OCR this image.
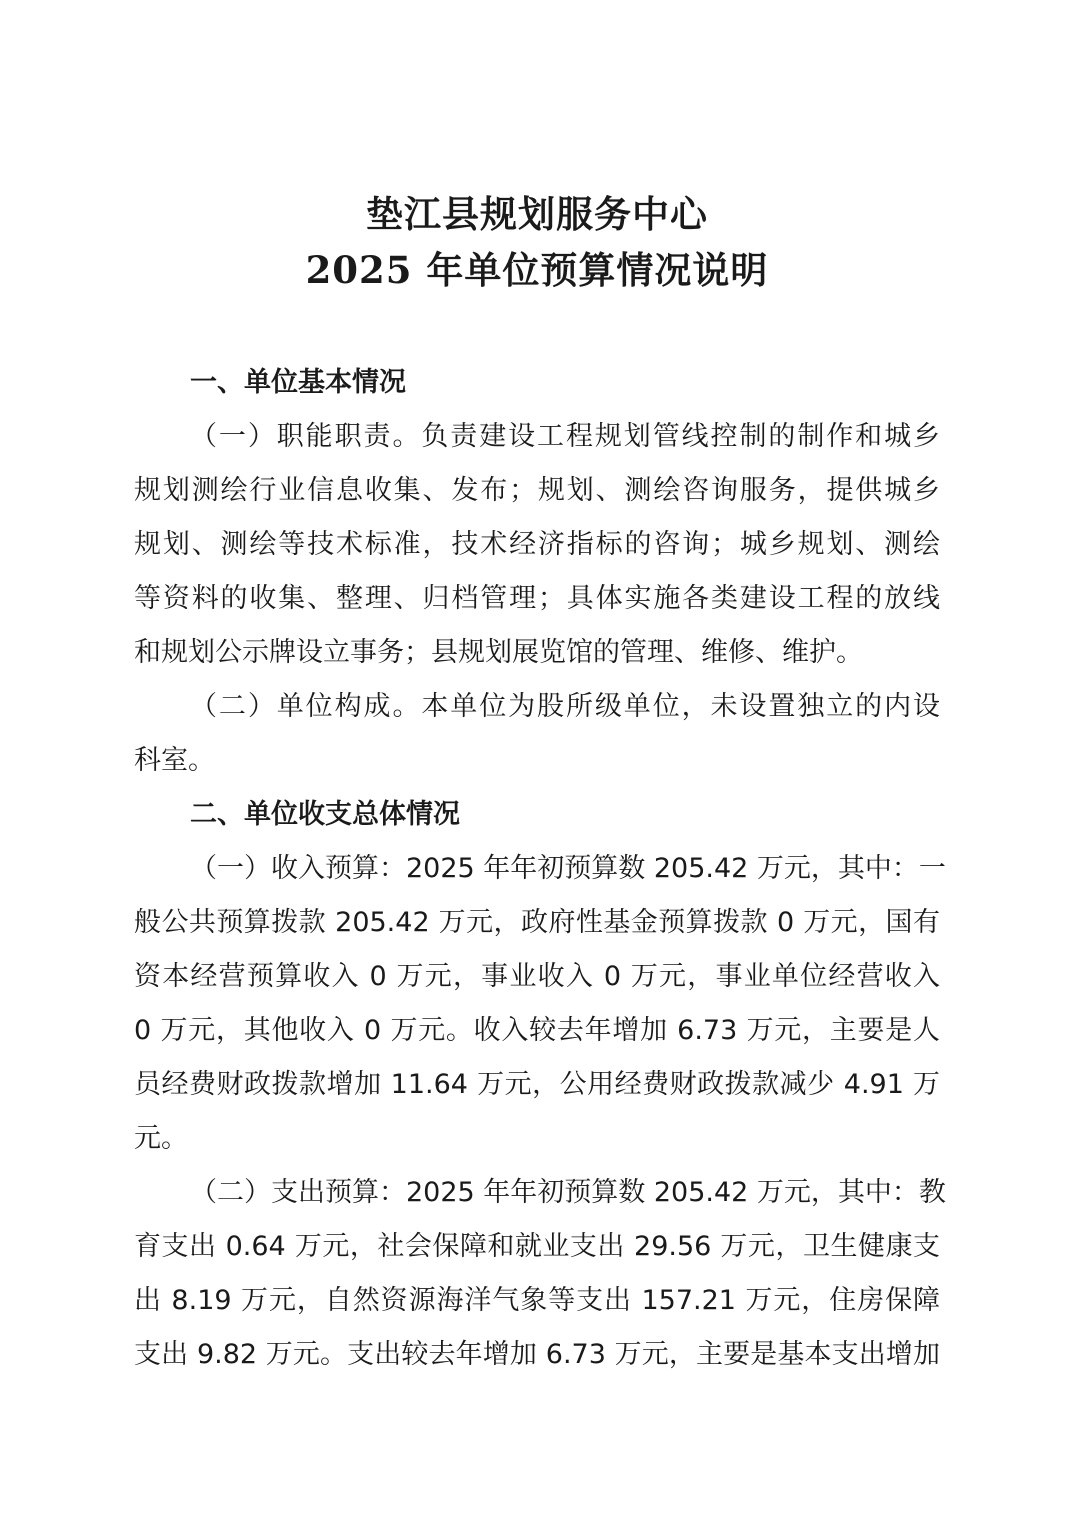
垫江县规划服务中心
2025 年单位预算情况说明
一、单位基本情况
（一）职能职责。负责建设工程规划管线控制的制作和城乡
规划测绘行业信息收集、发布；规划、测绘咨询服务，提供城乡
规划、测绘等技术标准，技术经济指标的咨询；城乡规划、测绘
等资料的收集、整理、归档管理；具体实施各类建设工程的放线
和规划公示牌设立事务；县规划展览馆的管理、维修、维护。
（二）单位构成。本单位为股所级单位，未设置独立的内设
科室。
二、单位收支总体情况
（一）收入预算：2025 年年初预算数 205.42 万元，其中：一
般公共预算拨款 205.42 万元，政府性基金预算拨款 0 万元，国有
资本经营预算收入 0 万元，事业收入 0 万元，事业单位经营收入
0 万元，其他收入 0 万元。收入较去年增加 6.73 万元，主要是人
员经费财政拨款增加 11.64 万元，公用经费财政拨款减少 4.91 万
元。
（二）支出预算：2025 年年初预算数 205.42 万元，其中：教
育支出 0.64 万元，社会保障和就业支出 29.56 万元，卫生健康支
出 8.19 万元，自然资源海洋气象等支出 157.21 万元，住房保障
支出 9.82 万元。支出较去年增加 6.73 万元，主要是基本支出增加
